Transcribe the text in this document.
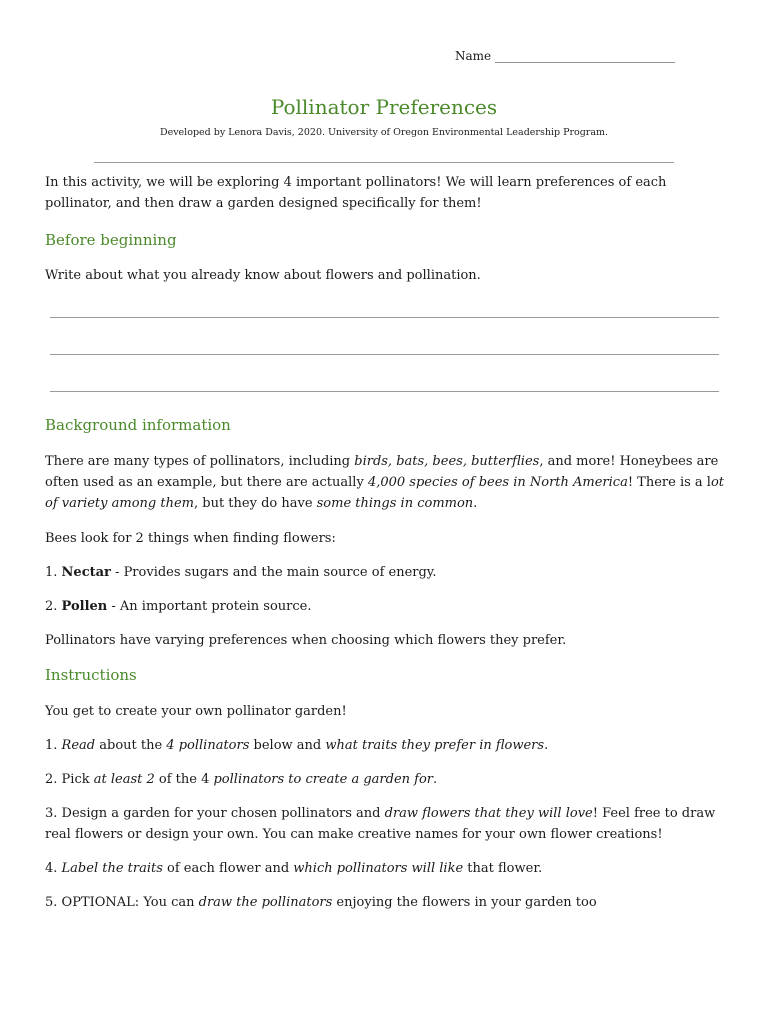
Name ______________________________
Pollinator Preferences
Developed by Lenora Davis, 2020. University of Oregon Environmental Leadership Program.

In this activity, we will be exploring 4 important pollinators! We will learn preferences of each pollinator, and then draw a garden designed specifically for them!

Before beginning

Write about what you already know about flowers and pollination.

Background information

There are many types of pollinators, including birds, bats, bees, butterflies, and more! Honeybees are often used as an example, but there are actually 4,000 species of bees in North America! There is a lot of variety among them, but they do have some things in common.

Bees look for 2 things when finding flowers:

1. Nectar - Provides sugars and the main source of energy.

2. Pollen - An important protein source.

Pollinators have varying preferences when choosing which flowers they prefer.

Instructions

You get to create your own pollinator garden!

1. Read about the 4 pollinators below and what traits they prefer in flowers.

2. Pick at least 2 of the 4 pollinators to create a garden for.

3. Design a garden for your chosen pollinators and draw flowers that they will love! Feel free to draw real flowers or design your own. You can make creative names for your own flower creations!

4. Label the traits of each flower and which pollinators will like that flower.

5. OPTIONAL: You can draw the pollinators enjoying the flowers in your garden too
